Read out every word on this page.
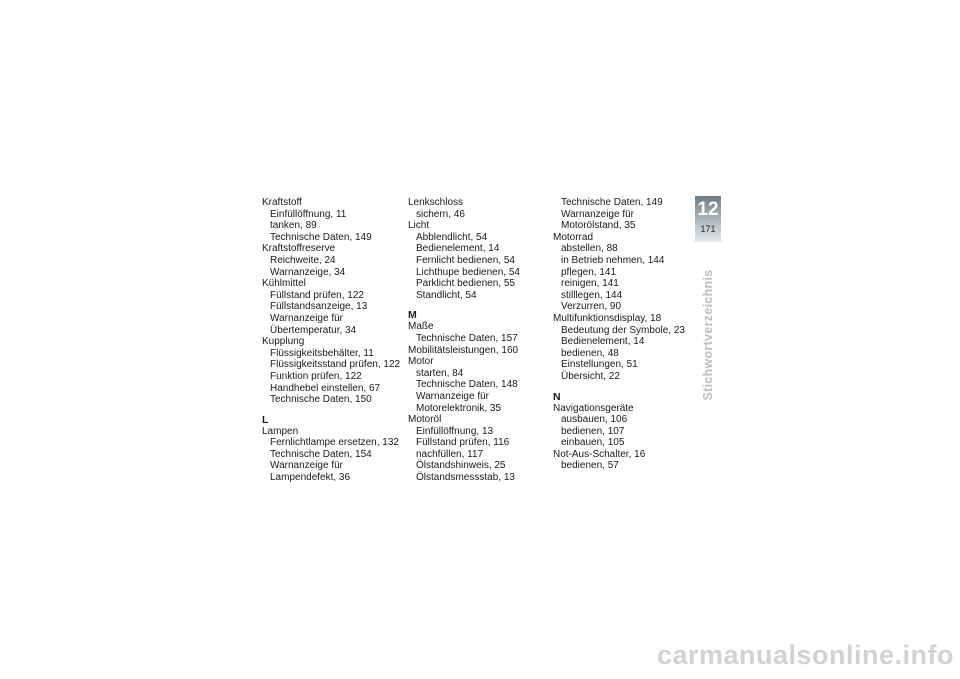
Kraftstoff
Einfüllöffnung, 11
tanken, 89
Technische Daten, 149
Kraftstoffreserve
Reichweite, 24
Warnanzeige, 34
Kühlmittel
Füllstand prüfen, 122
Füllstandsanzeige, 13
Warnanzeige für
Übertemperatur, 34
Kupplung
Flüssigkeitsbehälter, 11
Flüssigkeitsstand prüfen, 122
Funktion prüfen, 122
Handhebel einstellen, 67
Technische Daten, 150
L
Lampen
Fernlichtlampe ersetzen, 132
Technische Daten, 154
Warnanzeige für
Lampendefekt, 36
Lenkschloss
sichern, 46
Licht
Abblendlicht, 54
Bedienelement, 14
Fernlicht bedienen, 54
Lichthupe bedienen, 54
Parklicht bedienen, 55
Standlicht, 54
M
Maße
Technische Daten, 157
Mobilitätsleistungen, 160
Motor
starten, 84
Technische Daten, 148
Warnanzeige für
Motorelektronik, 35
Motoröl
Einfüllöffnung, 13
Füllstand prüfen, 116
nachfüllen, 117
Ölstandshinweis, 25
Ölstandsmessstab, 13
Technische Daten, 149
Warnanzeige für
Motorölstand, 35
Motorrad
abstellen, 88
in Betrieb nehmen, 144
pflegen, 141
reinigen, 141
stilllegen, 144
Verzurren, 90
Multifunktionsdisplay, 18
Bedeutung der Symbole, 23
Bedienelement, 14
bedienen, 48
Einstellungen, 51
Übersicht, 22
N
Navigationsgeräte
ausbauen, 106
bedienen, 107
einbauen, 105
Not-Aus-Schalter, 16
bedienen, 57
12
171
Stichwortverzeichnis
carmanualsonline.info
